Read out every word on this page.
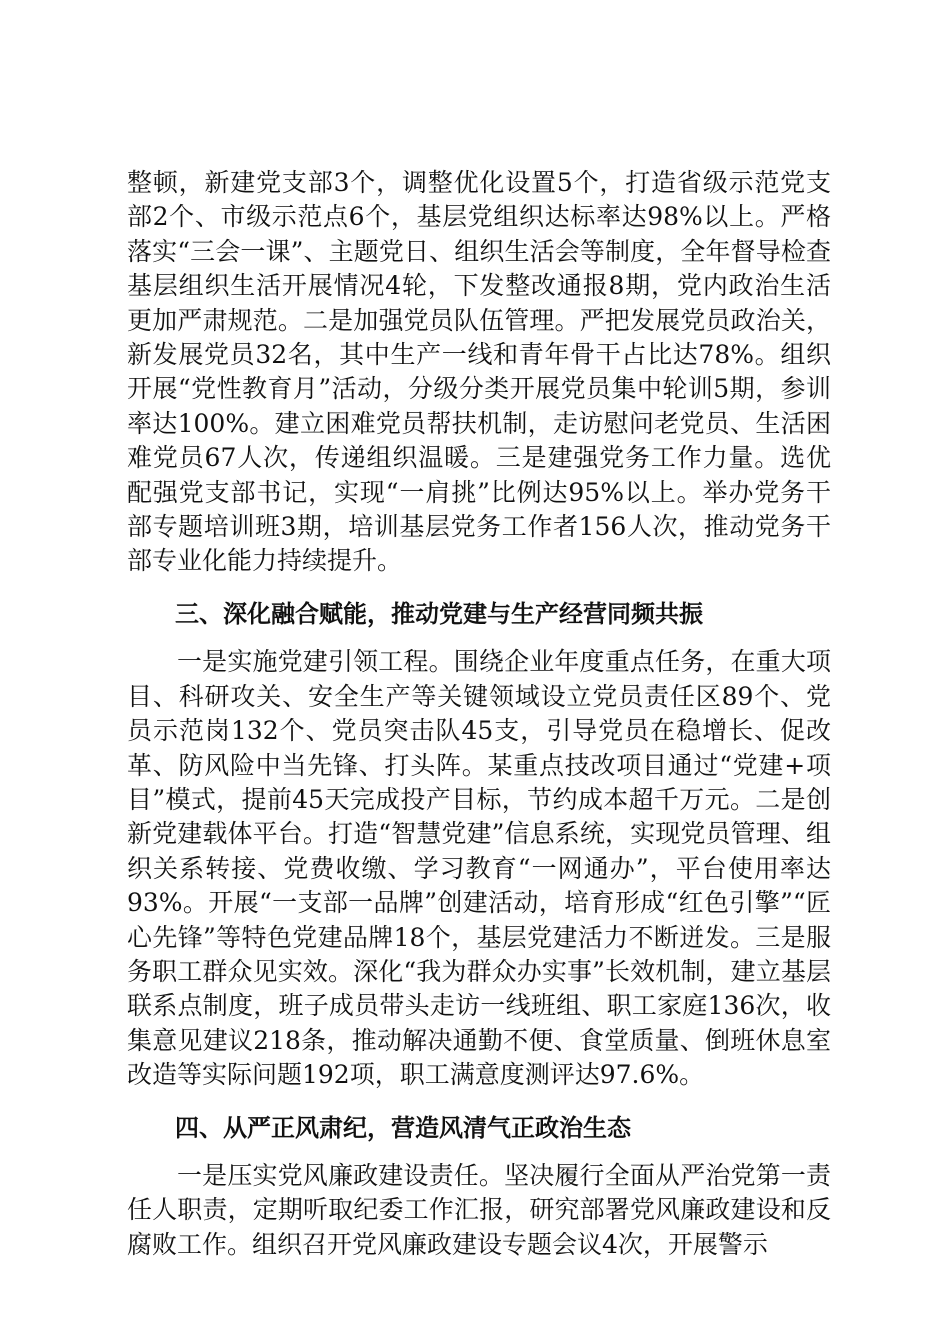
整顿，新建党支部3个，调整优化设置5个，打造省级示范党支部2个、市级示范点6个，基层党组织达标率达98%以上。严格落实“三会一课”、主题党日、组织生活会等制度，全年督导检查基层组织生活开展情况4轮，下发整改通报8期，党内政治生活更加严肃规范。二是加强党员队伍管理。严把发展党员政治关，新发展党员32名，其中生产一线和青年骨干占比达78%。组织开展“党性教育月”活动，分级分类开展党员集中轮训5期，参训率达100%。建立困难党员帮扶机制，走访慰问老党员、生活困难党员67人次，传递组织温暖。三是建强党务工作力量。选优配强党支部书记，实现“一肩挑”比例达95%以上。举办党务干部专题培训班3期，培训基层党务工作者156人次，推动党务干部专业化能力持续提升。

三、深化融合赋能，推动党建与生产经营同频共振

一是实施党建引领工程。围绕企业年度重点任务，在重大项目、科研攻关、安全生产等关键领域设立党员责任区89个、党员示范岗132个、党员突击队45支，引导党员在稳增长、促改革、防风险中当先锋、打头阵。某重点技改项目通过“党建+项目”模式，提前45天完成投产目标，节约成本超千万元。二是创新党建载体平台。打造“智慧党建”信息系统，实现党员管理、组织关系转接、党费收缴、学习教育“一网通办”，平台使用率达93%。开展“一支部一品牌”创建活动，培育形成“红色引擎”“匠心先锋”等特色党建品牌18个，基层党建活力不断迸发。三是服务职工群众见实效。深化“我为群众办实事”长效机制，建立基层联系点制度，班子成员带头走访一线班组、职工家庭136次，收集意见建议218条，推动解决通勤不便、食堂质量、倒班休息室改造等实际问题192项，职工满意度测评达97.6%。

四、从严正风肃纪，营造风清气正政治生态

一是压实党风廉政建设责任。坚决履行全面从严治党第一责任人职责，定期听取纪委工作汇报，研究部署党风廉政建设和反腐败工作。组织召开党风廉政建设专题会议4次，开展警示
